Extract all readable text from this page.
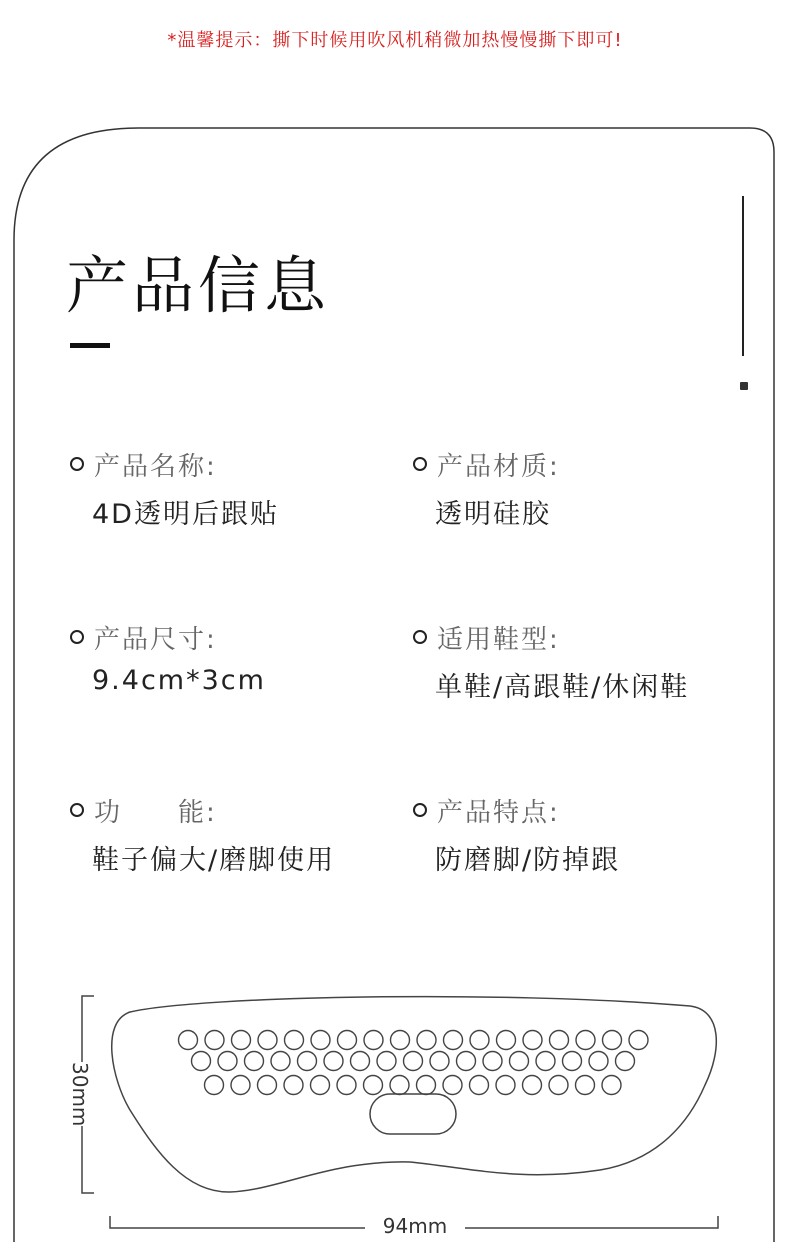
*温馨提示：撕下时候用吹风机稍微加热慢慢撕下即可!
产品信息
产品名称:
4D透明后跟贴
产品材质:
透明硅胶
产品尺寸:
9.4cm*3cm
适用鞋型:
单鞋/高跟鞋/休闲鞋
功　　能:
鞋子偏大/磨脚使用
产品特点:
防磨脚/防掉跟
94mm
30mm
